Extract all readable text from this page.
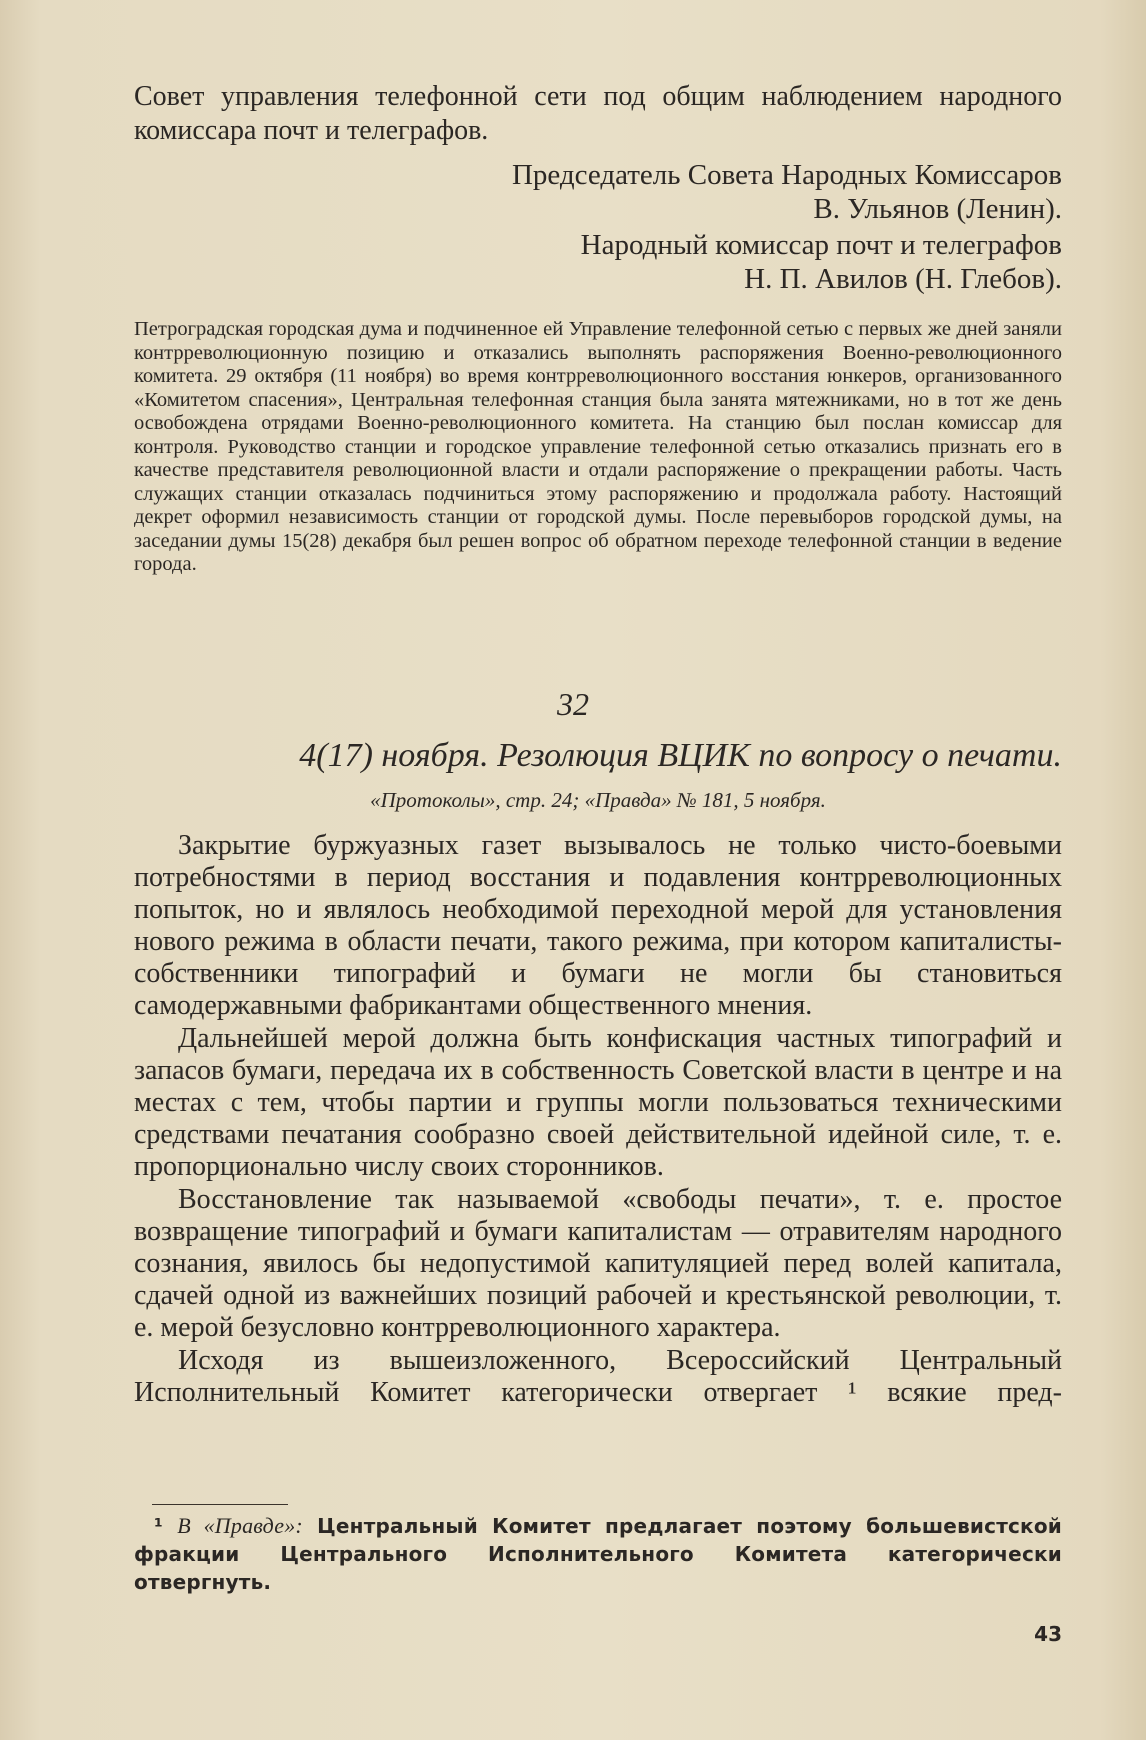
Совет управления телефонной сети под общим наблюдением народного комиссара почт и телеграфов.

Председатель Совета Народных Комиссаров
В. Ульянов (Ленин).
Народный комиссар почт и телеграфов
Н. П. Авилов (Н. Глебов).

Петроградская городская дума и подчиненное ей Управление телефонной сетью с первых же дней заняли контрреволюционную позицию и отказались выполнять распоряжения Военно-революционного комитета. 29 октября (11 ноября) во время контрреволюционного восстания юнкеров, организованного «Комитетом спасения», Центральная телефонная станция была занята мятежниками, но в тот же день освобождена отрядами Военно-революционного комитета. На станцию был послан комиссар для контроля. Руководство станции и городское управление телефонной сетью отказались признать его в качестве представителя революционной власти и отдали распоряжение о прекращении работы. Часть служащих станции отказалась подчиниться этому распоряжению и продолжала работу. Настоящий декрет оформил независимость станции от городской думы. После перевыборов городской думы, на заседании думы 15(28) декабря был решен вопрос об обратном переходе телефонной станции в ведение города.

32
4(17) ноября. Резолюция ВЦИК по вопросу о печати.
«Протоколы», стр. 24; «Правда» № 181, 5 ноября.

Закрытие буржуазных газет вызывалось не только чисто-боевыми потребностями в период восстания и подавления контрреволюционных попыток, но и являлось необходимой переходной мерой для установления нового режима в области печати, такого режима, при котором капиталисты-собственники типографий и бумаги не могли бы становиться самодержавными фабрикантами общественного мнения.

Дальнейшей мерой должна быть конфискация частных типографий и запасов бумаги, передача их в собственность Советской власти в центре и на местах с тем, чтобы партии и группы могли пользоваться техническими средствами печатания сообразно своей действительной идейной силе, т. е. пропорционально числу своих сторонников.

Восстановление так называемой «свободы печати», т. е. простое возвращение типографий и бумаги капиталистам — отравителям народного сознания, явилось бы недопустимой капитуляцией перед волей капитала, сдачей одной из важнейших позиций рабочей и крестьянской революции, т. е. мерой безусловно контрреволюционного характера.

Исходя из вышеизложенного, Всероссийский Центральный Исполнительный Комитет категорически отвергает ¹ всякие пред-

¹ В «Правде»: Центральный Комитет предлагает поэтому большевистской фракции Центрального Исполнительного Комитета категорически отвергнуть.

43
